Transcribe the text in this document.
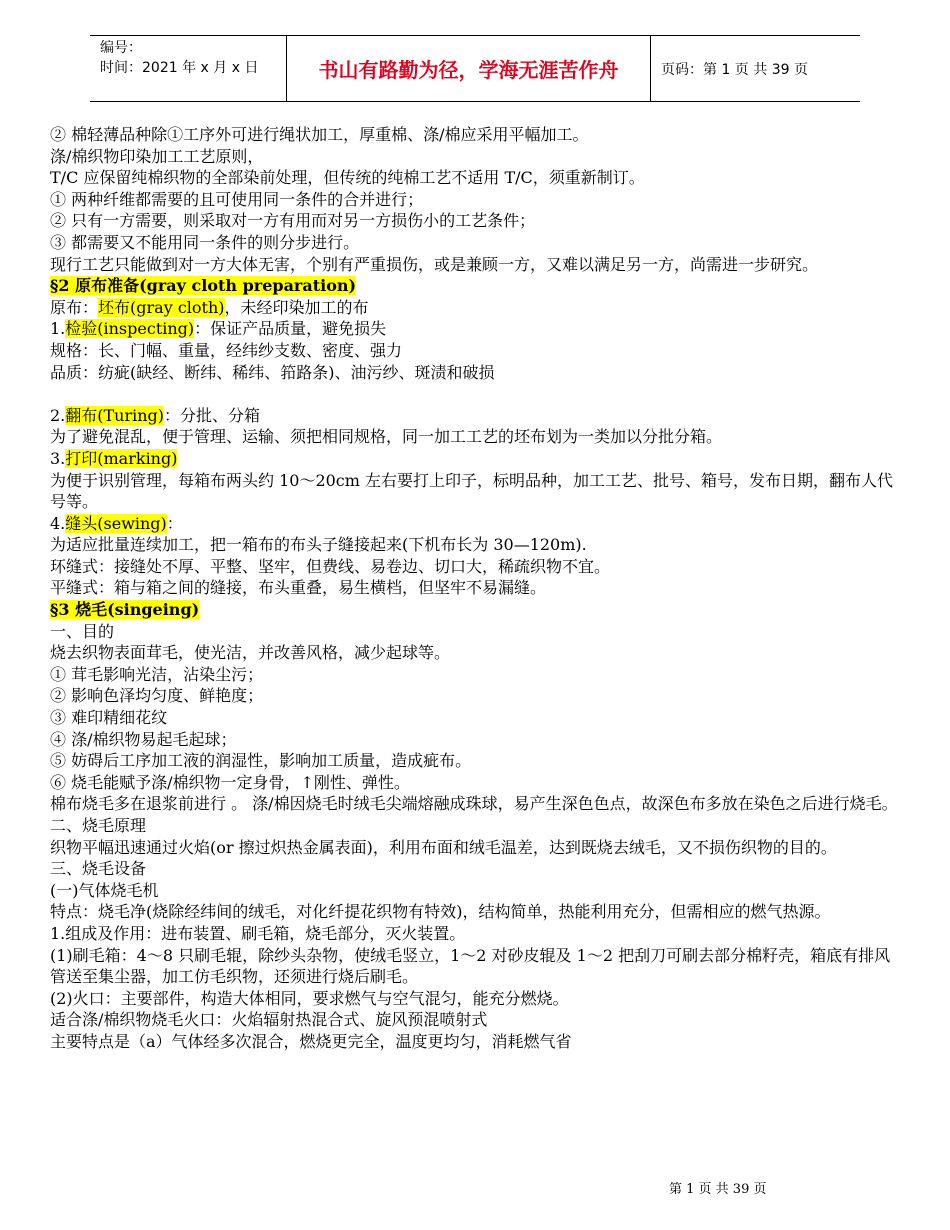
编号：
时间：2021 年 x 月 x 日	书山有路勤为径，学海无涯苦作舟	页码：第 1 页 共 39 页

② 棉轻薄品种除①工序外可进行绳状加工，厚重棉、涤/棉应采用平幅加工。

涤/棉织物印染加工工艺原则，

T/C 应保留纯棉织物的全部染前处理，但传统的纯棉工艺不适用 T/C，须重新制订。

① 两种纤维都需要的且可使用同一条件的合并进行；

② 只有一方需要，则采取对一方有用而对另一方损伤小的工艺条件；

③ 都需要又不能用同一条件的则分步进行。

现行工艺只能做到对一方大体无害，个别有严重损伤，或是兼顾一方，又难以满足另一方，尚需进一步研究。

§2 原布准备(gray cloth preparation)

原布：坯布(gray cloth)，未经印染加工的布

1.检验(inspecting)：保证产品质量，避免损失

规格：长、门幅、重量，经纬纱支数、密度、强力

品质：纺疵(缺经、断纬、稀纬、筘路条)、油污纱、斑渍和破损

2.翻布(Turing)：分批、分箱

为了避免混乱，便于管理、运输、须把相同规格，同一加工工艺的坯布划为一类加以分批分箱。

3.打印(marking)

为便于识别管理，每箱布两头约 10～20cm 左右要打上印子，标明品种，加工工艺、批号、箱号，发布日期，翻布人代号等。

4.缝头(sewing)：

为适应批量连续加工，把一箱布的布头子缝接起来(下机布长为 30—120m).

环缝式：接缝处不厚、平整、坚牢，但费线、易卷边、切口大，稀疏织物不宜。

平缝式：箱与箱之间的缝接，布头重叠，易生横档，但坚牢不易漏缝。

§3 烧毛(singeing)

一、目的

烧去织物表面茸毛，使光洁，并改善风格，减少起球等。

① 茸毛影响光洁，沾染尘污；

② 影响色泽均匀度、鲜艳度；

③ 难印精细花纹

④ 涤/棉织物易起毛起球；

⑤ 妨碍后工序加工液的润湿性，影响加工质量，造成疵布。

⑥ 烧毛能赋予涤/棉织物一定身骨，↑刚性、弹性。

棉布烧毛多在退浆前进行 。 涤/棉因烧毛时绒毛尖端熔融成珠球，易产生深色色点，故深色布多放在染色之后进行烧毛。

二、烧毛原理

织物平幅迅速通过火焰(or 擦过炽热金属表面)，利用布面和绒毛温差，达到既烧去绒毛，又不损伤织物的目的。

三、烧毛设备

(一)气体烧毛机

特点：烧毛净(烧除经纬间的绒毛，对化纤提花织物有特效)，结构简单，热能利用充分，但需相应的燃气热源。

1.组成及作用：进布装置、刷毛箱，烧毛部分，灭火装置。

(1)刷毛箱：4～8 只刷毛辊，除纱头杂物，使绒毛竖立，1～2 对砂皮辊及 1～2 把刮刀可刷去部分棉籽壳，箱底有排风管送至集尘器，加工仿毛织物，还须进行烧后刷毛。

(2)火口：主要部件，构造大体相同，要求燃气与空气混匀，能充分燃烧。

适合涤/棉织物烧毛火口：火焰辐射热混合式、旋风预混喷射式

主要特点是（a）气体经多次混合，燃烧更完全，温度更均匀，消耗燃气省

第 1 页 共 39 页
